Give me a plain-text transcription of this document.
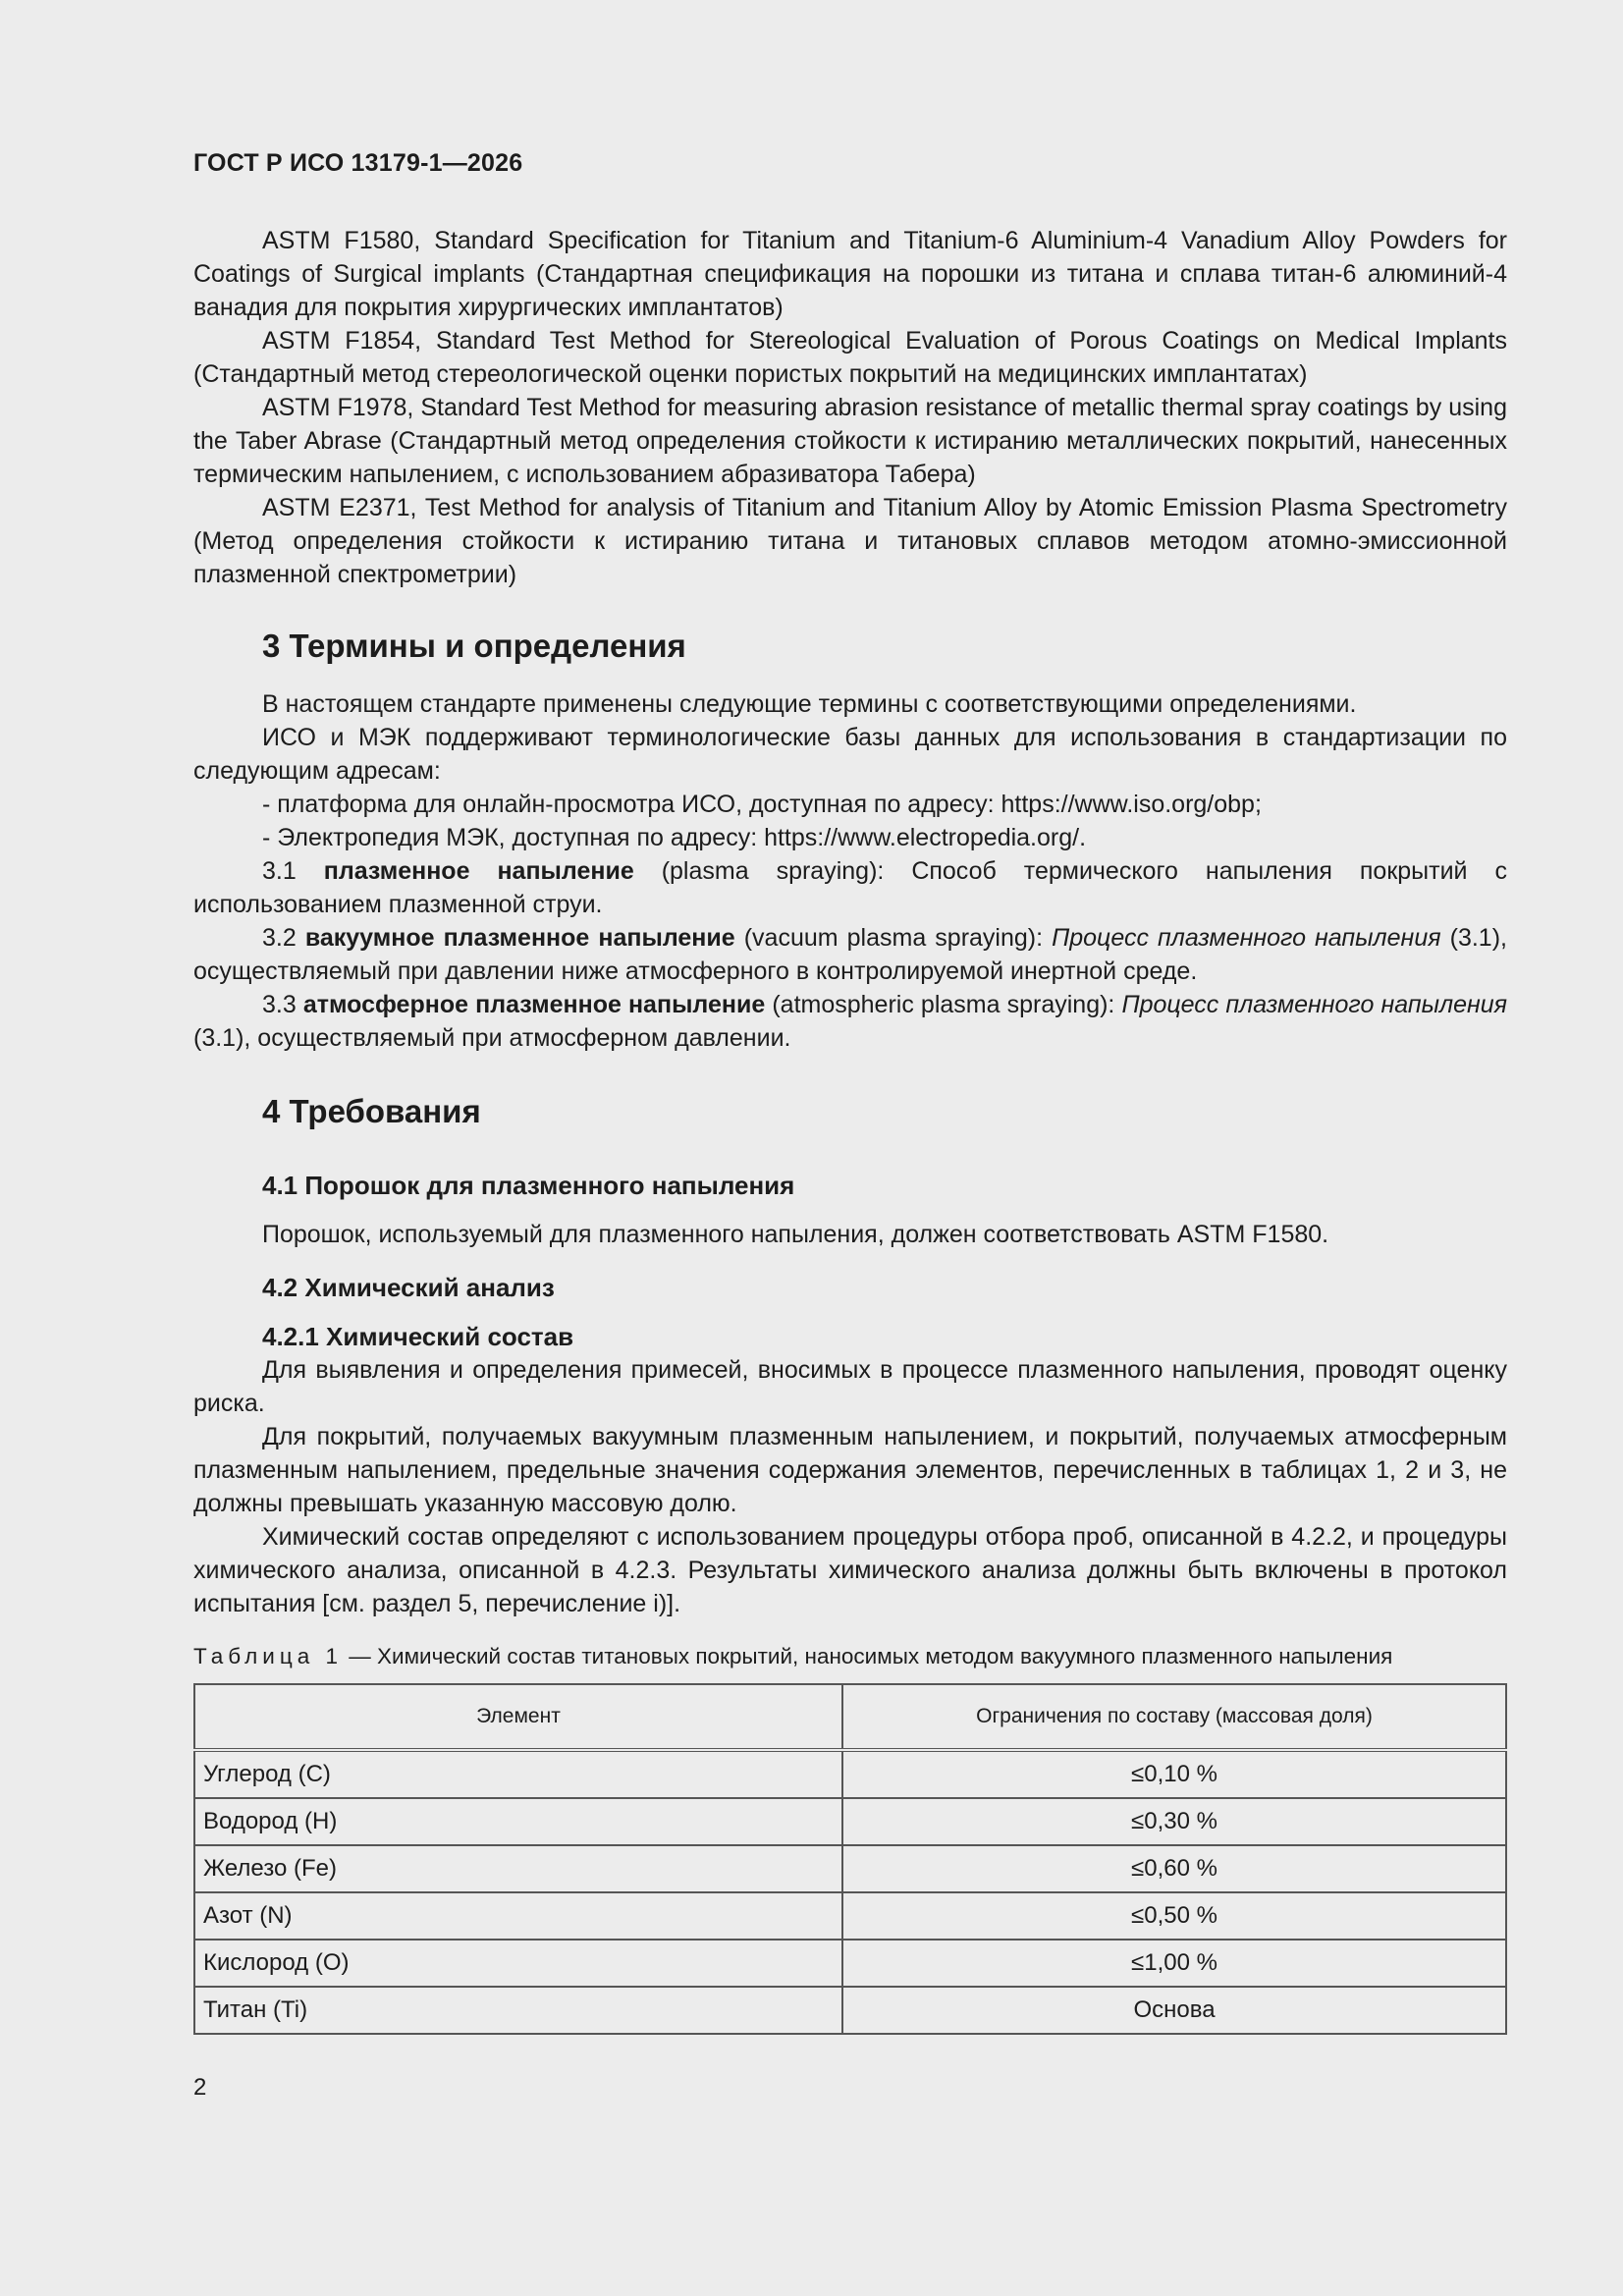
ГОСТ Р ИСО 13179-1—2026

ASTM F1580, Standard Specification for Titanium and Titanium-6 Aluminium-4 Vanadium Alloy Powders for Coatings of Surgical implants (Стандартная спецификация на порошки из титана и сплава титан-6 алюминий-4 ванадия для покрытия хирургических имплантатов)

ASTM F1854, Standard Test Method for Stereological Evaluation of Porous Coatings on Medical Implants (Стандартный метод стереологической оценки пористых покрытий на медицинских имплантатах)

ASTM F1978, Standard Test Method for measuring abrasion resistance of metallic thermal spray coatings by using the Taber Abrase (Стандартный метод определения стойкости к истиранию металлических покрытий, нанесенных термическим напылением, с использованием абразиватора Табера)

ASTM E2371, Test Method for analysis of Titanium and Titanium Alloy by Atomic Emission Plasma Spectrometry (Метод определения стойкости к истиранию титана и титановых сплавов методом атомно-эмиссионной плазменной спектрометрии)

3 Термины и определения

В настоящем стандарте применены следующие термины с соответствующими определениями.

ИСО и МЭК поддерживают терминологические базы данных для использования в стандартизации по следующим адресам:

- платформа для онлайн-просмотра ИСО, доступная по адресу: https://www.iso.org/obp;

- Электропедия МЭК, доступная по адресу: https://www.electropedia.org/.

3.1 плазменное напыление (plasma spraying): Способ термического напыления покрытий с использованием плазменной струи.

3.2 вакуумное плазменное напыление (vacuum plasma spraying): Процесс плазменного напыления (3.1), осуществляемый при давлении ниже атмосферного в контролируемой инертной среде.

3.3 атмосферное плазменное напыление (atmospheric plasma spraying): Процесс плазменного напыления (3.1), осуществляемый при атмосферном давлении.

4 Требования
4.1 Порошок для плазменного напыления

Порошок, используемый для плазменного напыления, должен соответствовать ASTM F1580.

4.2 Химический анализ
4.2.1 Химический состав

Для выявления и определения примесей, вносимых в процессе плазменного напыления, проводят оценку риска.

Для покрытий, получаемых вакуумным плазменным напылением, и покрытий, получаемых атмосферным плазменным напылением, предельные значения содержания элементов, перечисленных в таблицах 1, 2 и 3, не должны превышать указанную массовую долю.

Химический состав определяют с использованием процедуры отбора проб, описанной в 4.2.2, и процедуры химического анализа, описанной в 4.2.3. Результаты химического анализа должны быть включены в протокол испытания [см. раздел 5, перечисление i)].

Таблица 1 — Химический состав титановых покрытий, наносимых методом вакуумного плазменного напыления
Элемент	Ограничения по составу (массовая доля)
Углерод (С)	≤0,10 %
Водород (Н)	≤0,30 %
Железо (Fe)	≤0,60 %
Азот (N)	≤0,50 %
Кислород (О)	≤1,00 %
Титан (Ti)	Основа
2
